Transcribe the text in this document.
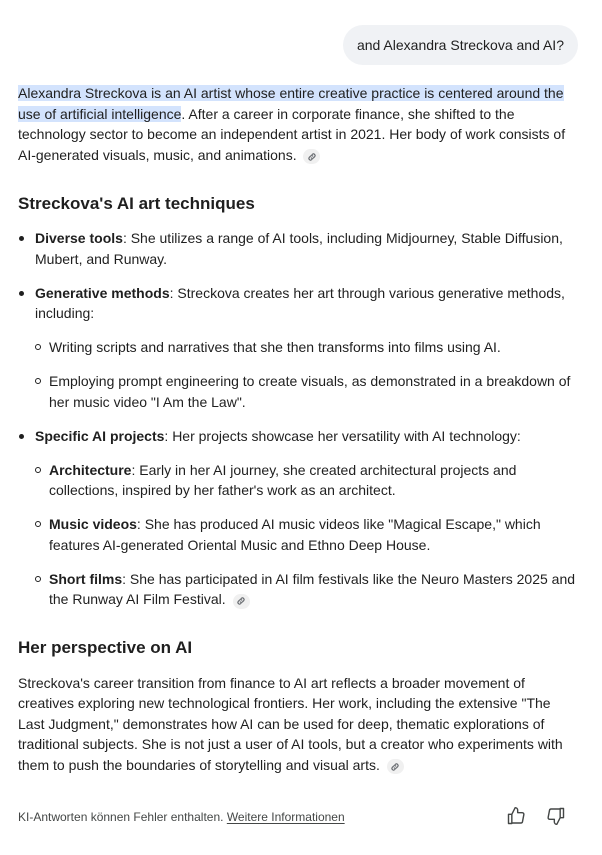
and Alexandra Streckova and AI?

Alexandra Streckova is an AI artist whose entire creative practice is centered around the use of artificial intelligence. After a career in corporate finance, she shifted to the technology sector to become an independent artist in 2021. Her body of work consists of AI-generated visuals, music, and animations.

Streckova's AI art techniques
Diverse tools: She utilizes a range of AI tools, including Midjourney, Stable Diffusion, Mubert, and Runway.
Generative methods: Streckova creates her art through various generative methods, including:
Writing scripts and narratives that she then transforms into films using AI.
Employing prompt engineering to create visuals, as demonstrated in a breakdown of her music video "I Am the Law".
Specific AI projects: Her projects showcase her versatility with AI technology:
Architecture: Early in her AI journey, she created architectural projects and collections, inspired by her father's work as an architect.
Music videos: She has produced AI music videos like "Magical Escape," which features AI-generated Oriental Music and Ethno Deep House.
Short films: She has participated in AI film festivals like the Neuro Masters 2025 and the Runway AI Film Festival.
Her perspective on AI

Streckova's career transition from finance to AI art reflects a broader movement of creatives exploring new technological frontiers. Her work, including the extensive "The Last Judgment," demonstrates how AI can be used for deep, thematic explorations of traditional subjects. She is not just a user of AI tools, but a creator who experiments with them to push the boundaries of storytelling and visual arts.

KI-Antworten können Fehler enthalten. Weitere Informationen
